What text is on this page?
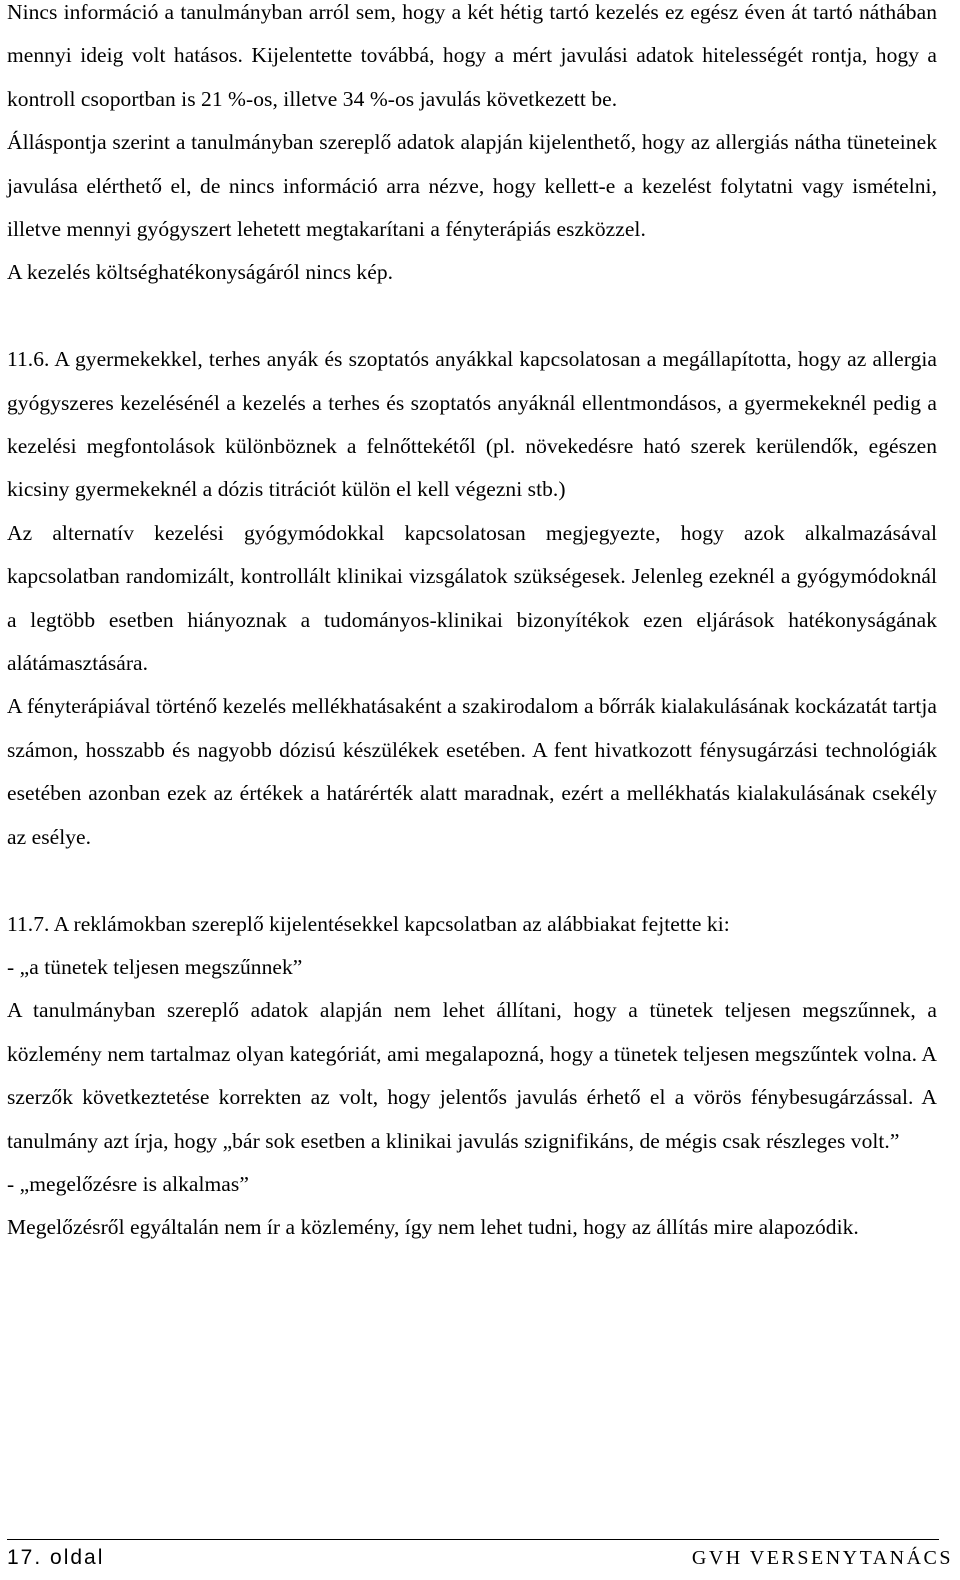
Nincs információ a tanulmányban arról sem, hogy a két hétig tartó kezelés ez egész éven át tartó náthában mennyi ideig volt hatásos. Kijelentette továbbá, hogy a mért javulási adatok hitelességét rontja, hogy a kontroll csoportban is 21 %-os, illetve 34 %-os javulás következett be.

Álláspontja szerint a tanulmányban szereplő adatok alapján kijelenthető, hogy az allergiás nátha tüneteinek javulása elérthető el, de nincs információ arra nézve, hogy kellett-e a kezelést folytatni vagy ismételni, illetve mennyi gyógyszert lehetett megtakarítani a fényterápiás eszközzel.

A kezelés költséghatékonyságáról nincs kép.

11.6. A gyermekekkel, terhes anyák és szoptatós anyákkal kapcsolatosan a megállapította, hogy az allergia gyógyszeres kezelésénél a kezelés a terhes és szoptatós anyáknál ellentmondásos, a gyermekeknél pedig a kezelési megfontolások különböznek a felnőttekétől (pl. növekedésre ható szerek kerülendők, egészen kicsiny gyermekeknél a dózis titrációt külön el kell végezni stb.)

Az alternatív kezelési gyógymódokkal kapcsolatosan megjegyezte, hogy azok alkalmazásával kapcsolatban randomizált, kontrollált klinikai vizsgálatok szükségesek. Jelenleg ezeknél a gyógymódoknál a legtöbb esetben hiányoznak a tudományos-klinikai bizonyítékok ezen eljárások hatékonyságának alátámasztására.

A fényterápiával történő kezelés mellékhatásaként a szakirodalom a bőrrák kialakulásának kockázatát tartja számon, hosszabb és nagyobb dózisú készülékek esetében. A fent hivatkozott fénysugárzási technológiák esetében azonban ezek az értékek a határérték alatt maradnak, ezért a mellékhatás kialakulásának csekély az esélye.

11.7. A reklámokban szereplő kijelentésekkel kapcsolatban az alábbiakat fejtette ki:

- „a tünetek teljesen megszűnnek”

A tanulmányban szereplő adatok alapján nem lehet állítani, hogy a tünetek teljesen megszűnnek, a közlemény nem tartalmaz olyan kategóriát, ami megalapozná, hogy a tünetek teljesen megszűntek volna. A szerzők következtetése korrekten az volt, hogy jelentős javulás érhető el a vörös fénybesugárzással. A tanulmány azt írja, hogy „bár sok esetben a klinikai javulás szignifikáns, de mégis csak részleges volt.”

- „megelőzésre is alkalmas”

Megelőzésről egyáltalán nem ír a közlemény, így nem lehet tudni, hogy az állítás mire alapozódik.

17. oldal	GVH VERSENYTANÁCS
